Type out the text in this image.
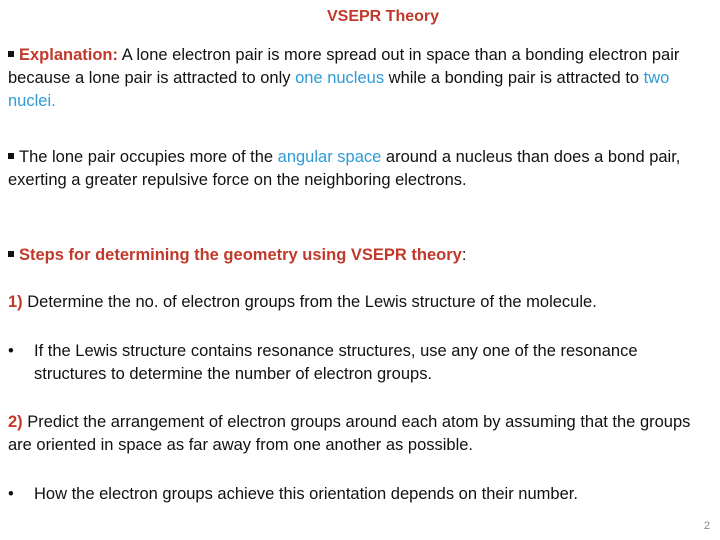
VSEPR Theory
Explanation: A lone electron pair is more spread out in space than a bonding electron pair because a lone pair is attracted to only one nucleus while a bonding pair is attracted to two nuclei.
The lone pair occupies more of the angular space around a nucleus than does a bond pair, exerting a greater repulsive force on the neighboring electrons.
Steps for determining the geometry using VSEPR theory:
1) Determine the no. of electron groups from the Lewis structure of the molecule.
• If the Lewis structure contains resonance structures, use any one of the resonance structures to determine the number of electron groups.
2) Predict the arrangement of electron groups around each atom by assuming that the groups are oriented in space as far away from one another as possible.
• How the electron groups achieve this orientation depends on their number.
2
